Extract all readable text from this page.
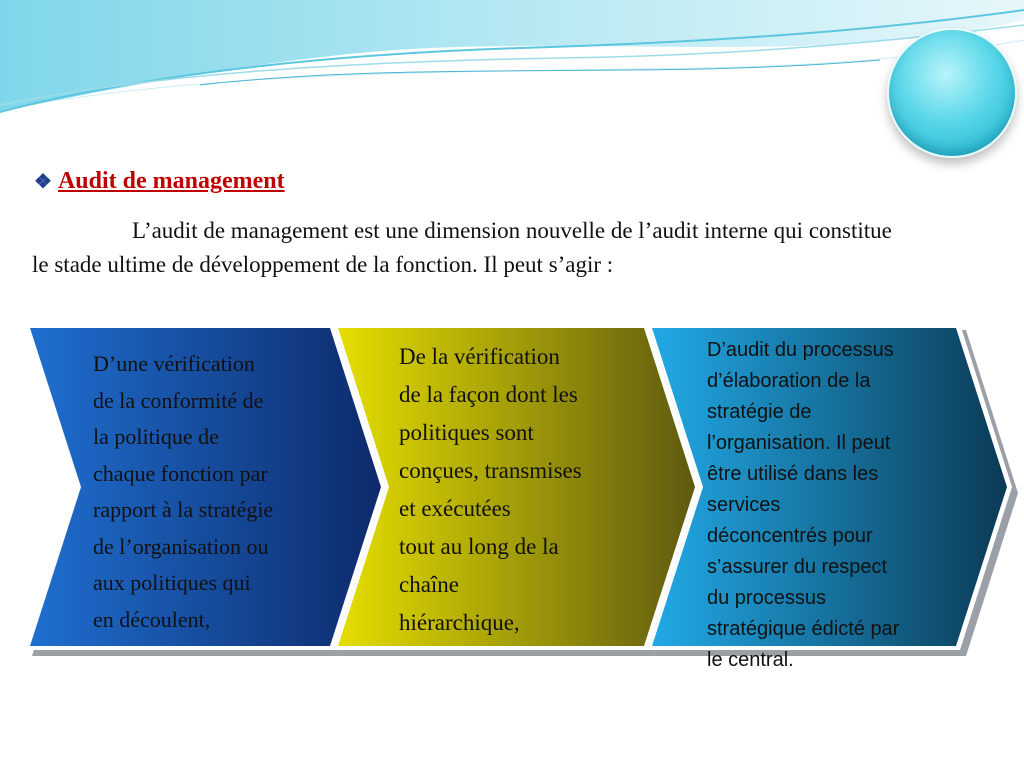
❖ Audit de management

L’audit de management est une dimension nouvelle de l’audit interne qui constitue le stade ultime de développement de la fonction. Il peut s’agir :

D’une vérification
de la conformité de
la politique de
chaque fonction par
rapport à la stratégie
de l’organisation ou
aux politiques qui
en découlent,

De la vérification
de la façon dont les
politiques sont
conçues, transmises
et exécutées
tout au long de la
chaîne
hiérarchique,

D’audit du processus
d’élaboration de la
stratégie de
l’organisation. Il peut
être utilisé dans les
services
déconcentrés pour
s’assurer du respect
du processus
stratégique édicté par
le central.
